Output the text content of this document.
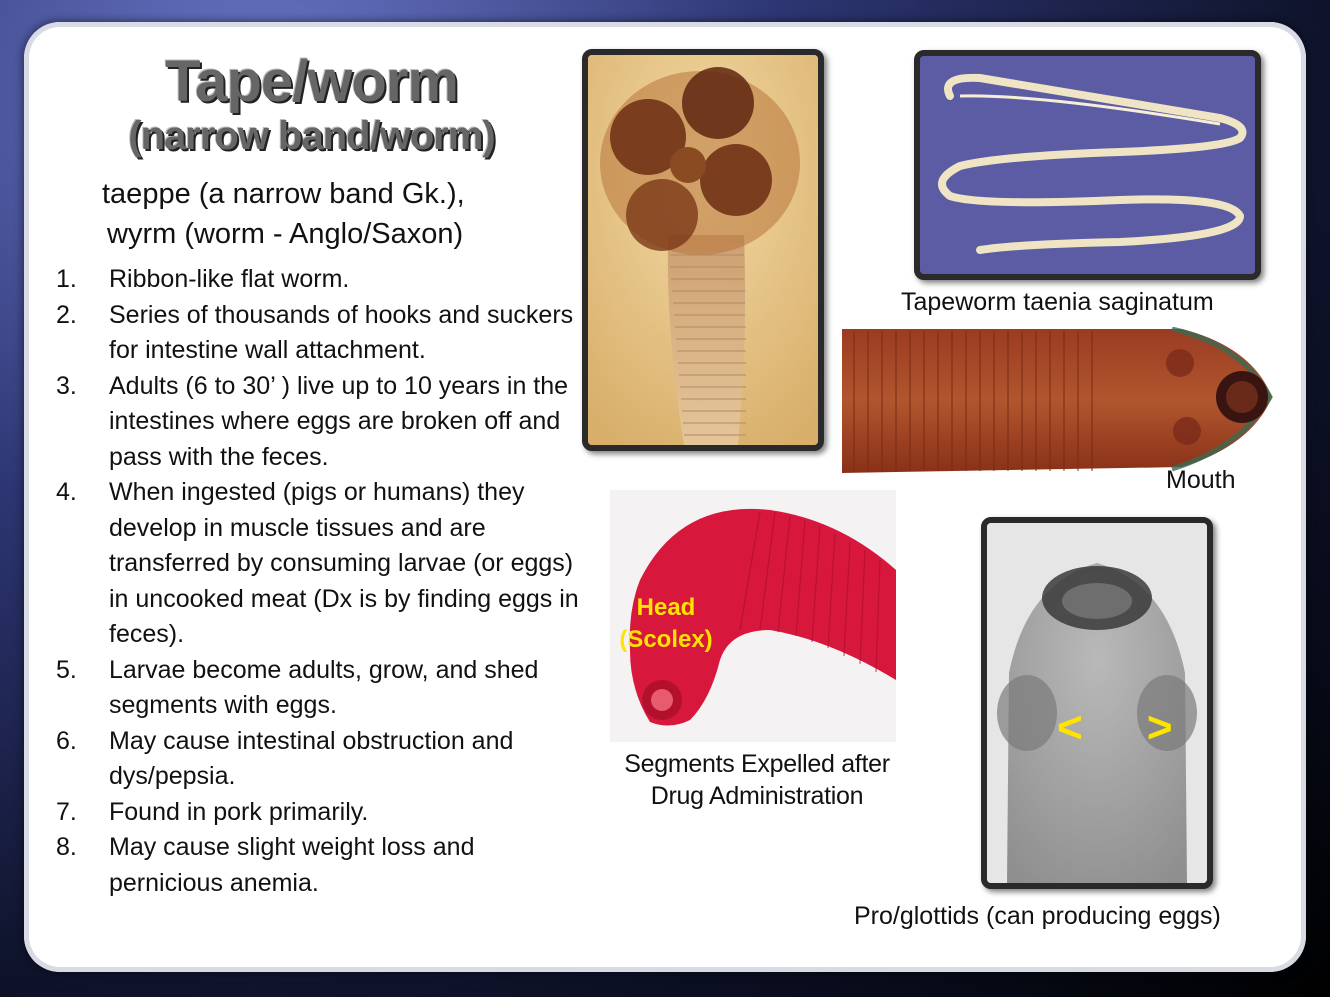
Tape/worm
(narrow band/worm)
taeppe (a narrow band Gk.),
wyrm (worm - Anglo/Saxon)
1. Ribbon-like flat worm.
2. Series of thousands of hooks and suckers for intestine wall attachment.
3. Adults (6 to 30’ ) live up to 10 years in the intestines where eggs are broken off and pass with the feces.
4. When ingested (pigs or humans) they develop in muscle tissues and are transferred by consuming larvae (or eggs) in uncooked meat (Dx is by finding eggs in feces).
5. Larvae become adults, grow, and shed segments with eggs.
6. May cause intestinal obstruction and dys/pepsia.
7. Found in pork primarily.
8. May cause slight weight loss and pernicious anemia.
Tapeworm taenia saginatum
Mouth
Head
(Scolex)
Segments Expelled after
Drug Administration
< >
Pro/glottids (can producing eggs)
